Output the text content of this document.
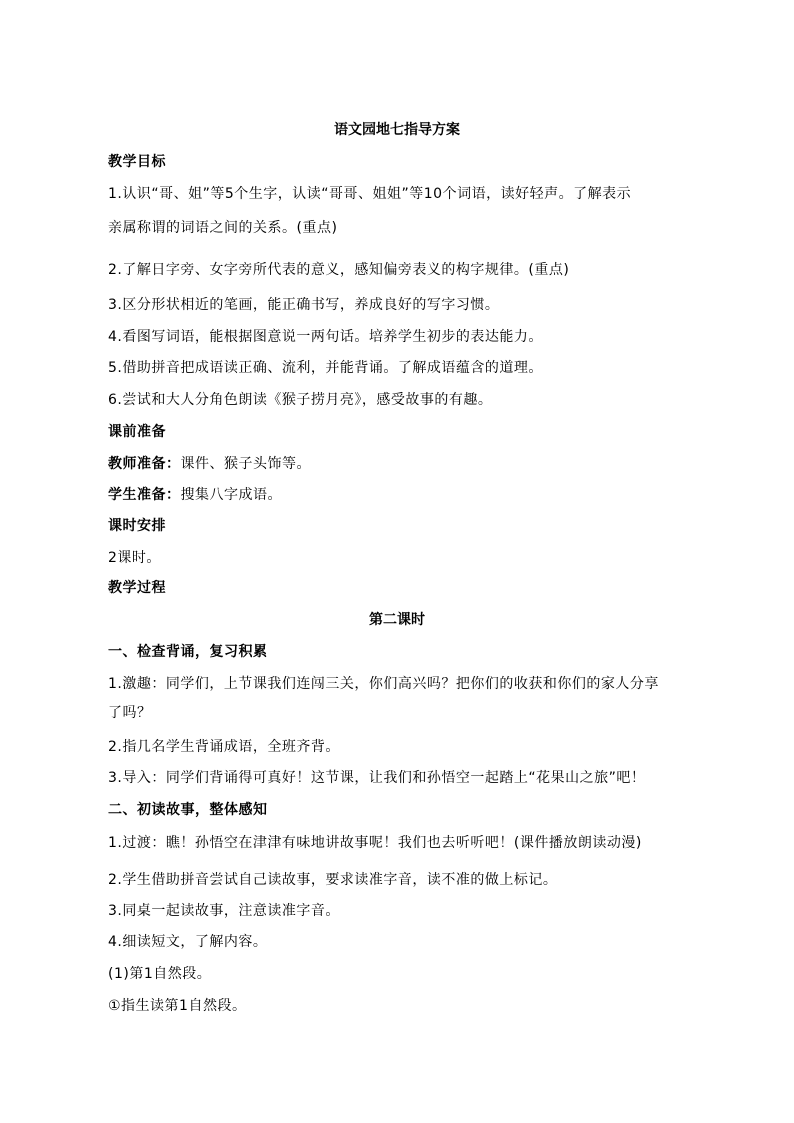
语文园地七指导方案
教学目标
1.认识“哥、姐”等5个生字，认读“哥哥、姐姐”等10个词语，读好轻声。了解表示
亲属称谓的词语之间的关系。(重点)
2.了解日字旁、女字旁所代表的意义，感知偏旁表义的构字规律。(重点)
3.区分形状相近的笔画，能正确书写，养成良好的写字习惯。
4.看图写词语，能根据图意说一两句话。培养学生初步的表达能力。
5.借助拼音把成语读正确、流利，并能背诵。了解成语蕴含的道理。
6.尝试和大人分角色朗读《猴子捞月亮》，感受故事的有趣。
课前准备
教师准备：课件、猴子头饰等。
学生准备：搜集八字成语。
课时安排
2课时。
教学过程
第二课时
一、检查背诵，复习积累
1.激趣：同学们，上节课我们连闯三关，你们高兴吗？把你们的收获和你们的家人分享
了吗？
2.指几名学生背诵成语，全班齐背。
3.导入：同学们背诵得可真好！这节课，让我们和孙悟空一起踏上“花果山之旅”吧！
二、初读故事，整体感知
1.过渡：瞧！孙悟空在津津有味地讲故事呢！我们也去听听吧！(课件播放朗读动漫)
2.学生借助拼音尝试自己读故事，要求读准字音，读不准的做上标记。
3.同桌一起读故事，注意读准字音。
4.细读短文，了解内容。
(1)第1自然段。
①指生读第1自然段。
